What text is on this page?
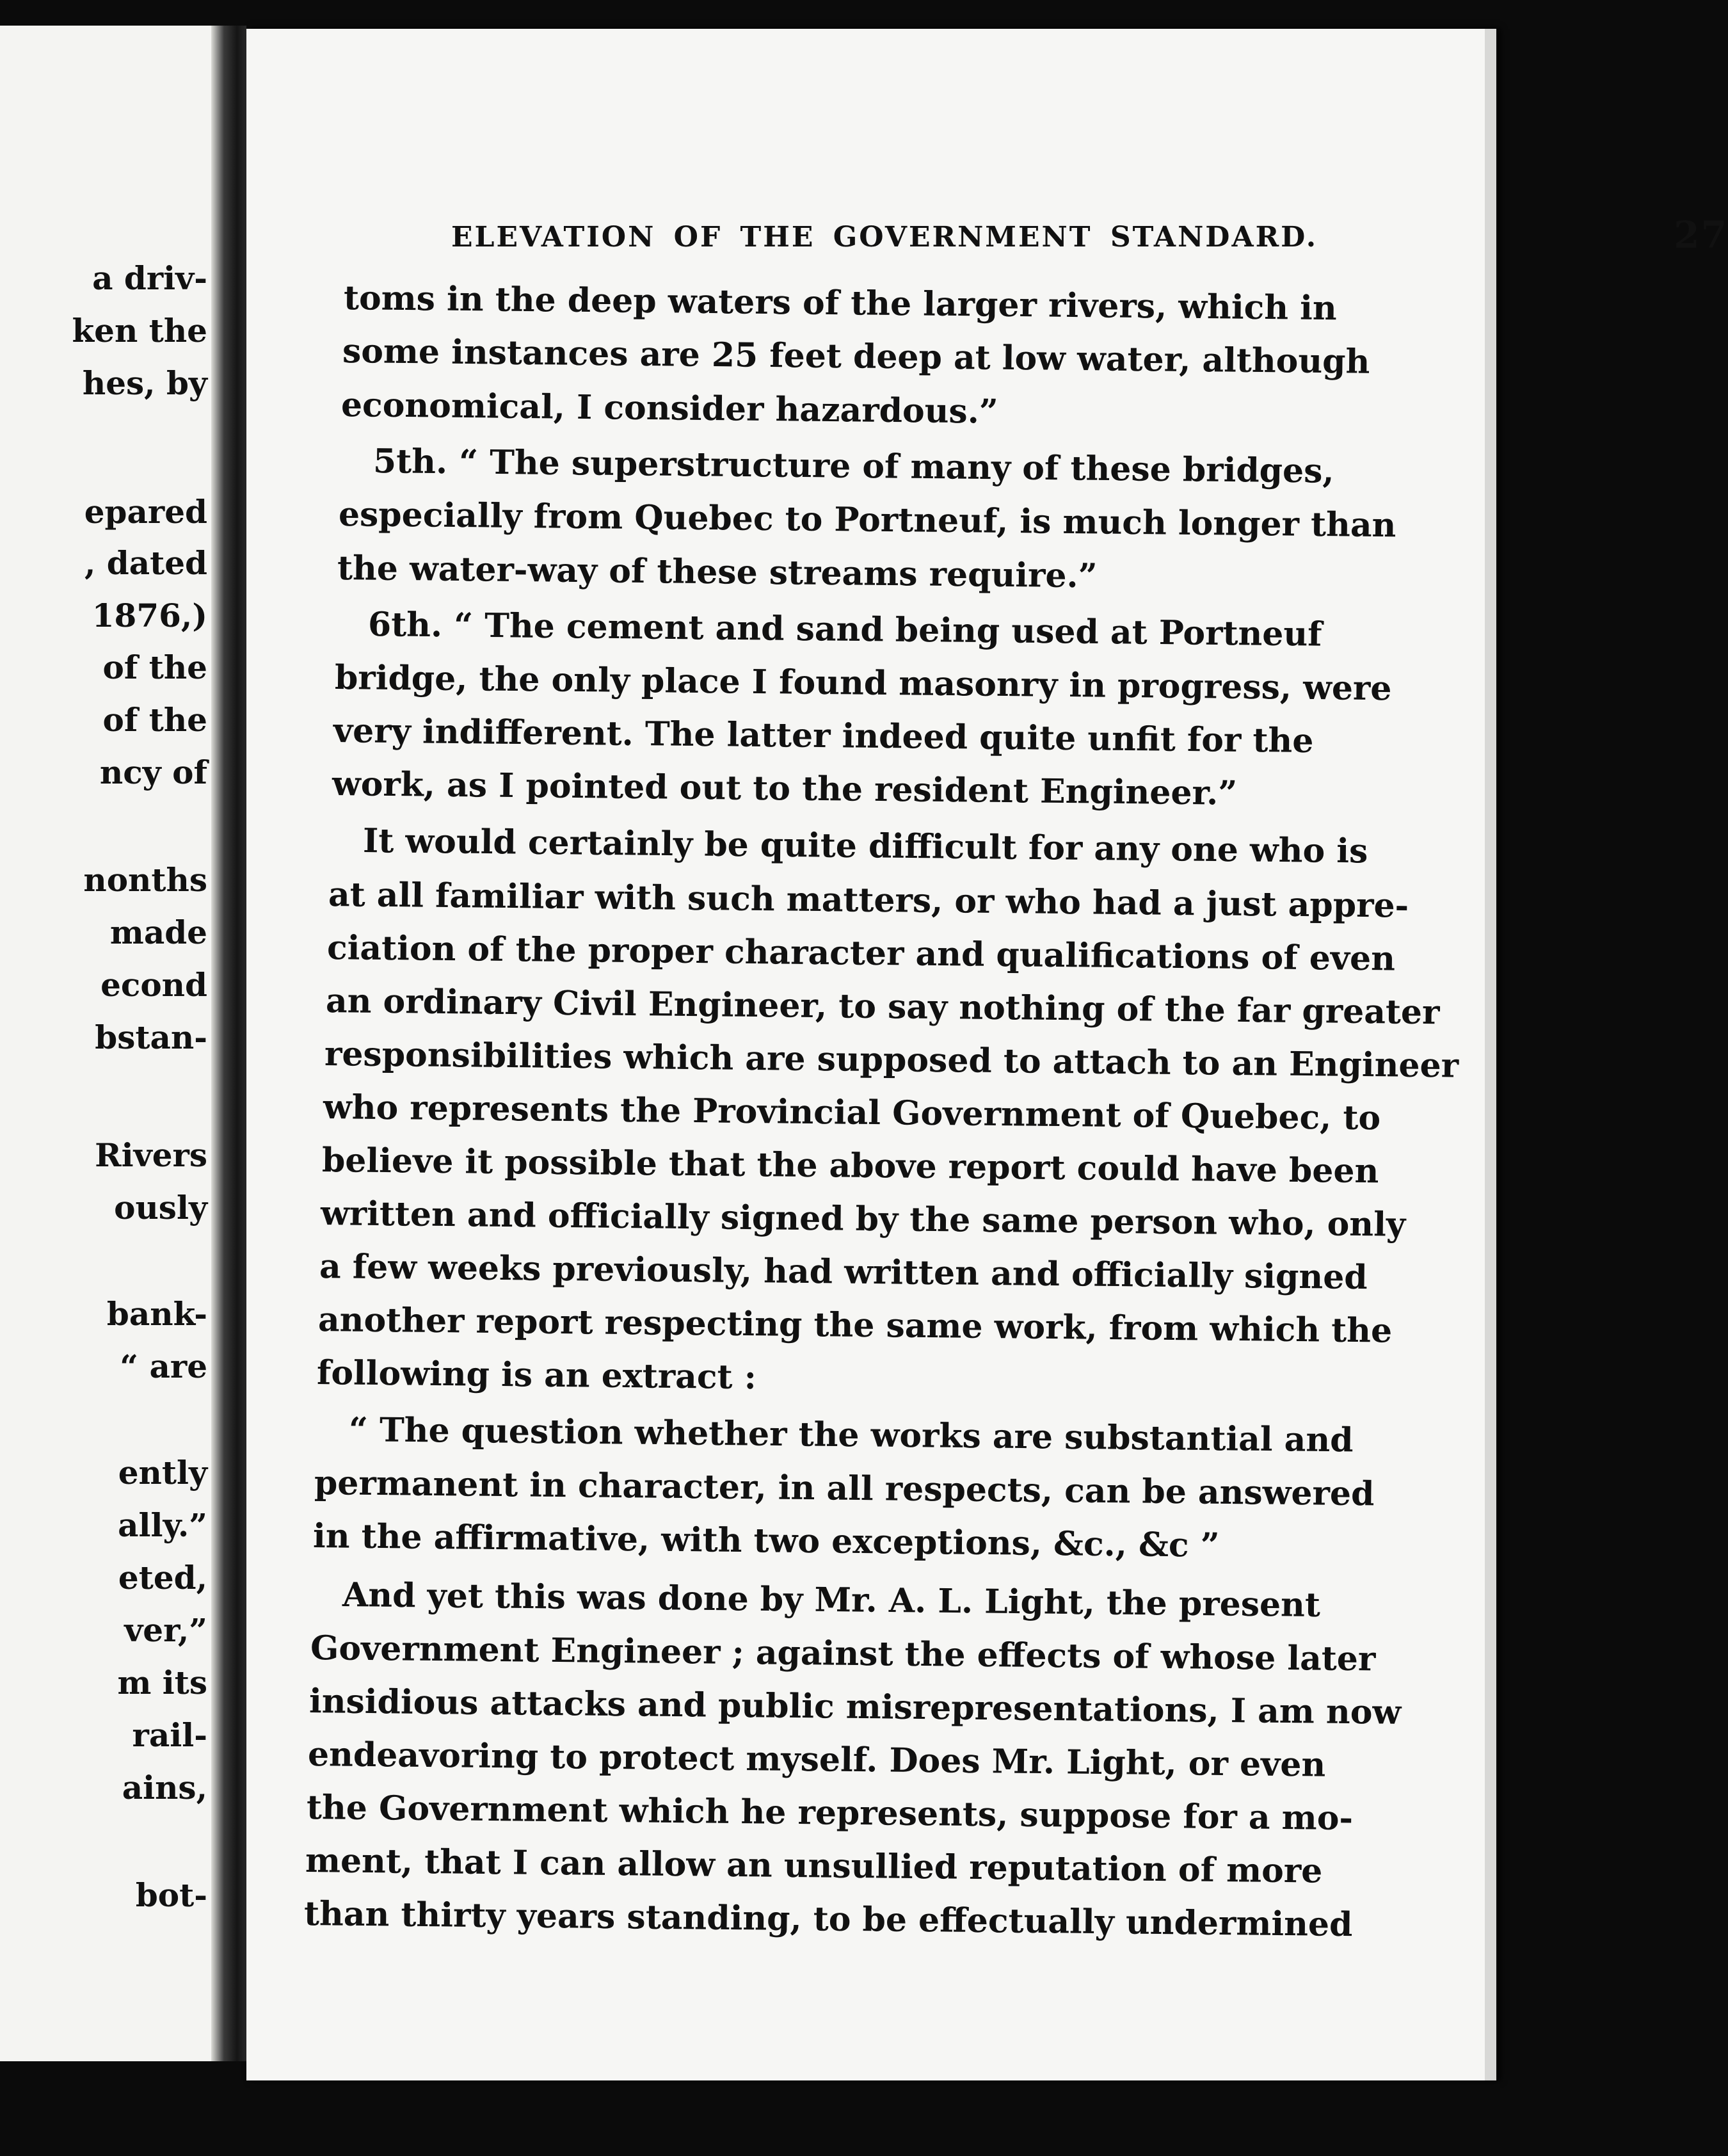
a driv-
ken the
hes, by
epared
, dated
1876,)
of the
of the
ncy of
nonths
made
econd
bstan-
Rivers
ously
bank-
“ are
ently
ally.”
eted,
ver,”
m its
rail-
ains,
bot-
ELEVATION OF THE GOVERNMENT STANDARD.	27
toms in the deep waters of the larger rivers, which in
some instances are 25 feet deep at low water, although
economical, I consider hazardous.”
5th. “ The superstructure of many of these bridges,
especially from Quebec to Portneuf, is much longer than
the water-way of these streams require.”
6th. “ The cement and sand being used at Portneuf
bridge, the only place I found masonry in progress, were
very indifferent. The latter indeed quite unfit for the
work, as I pointed out to the resident Engineer.”
It would certainly be quite difficult for any one who is
at all familiar with such matters, or who had a just appre-
ciation of the proper character and qualifications of even
an ordinary Civil Engineer, to say nothing of the far greater
responsibilities which are supposed to attach to an Engineer
who represents the Provincial Government of Quebec, to
believe it possible that the above report could have been
written and officially signed by the same person who, only
a few weeks previously, had written and officially signed
another report respecting the same work, from which the
following is an extract :
“ The question whether the works are substantial and
permanent in character, in all respects, can be answered
in the affirmative, with two exceptions, &c., &c ”
And yet this was done by Mr. A. L. Light, the present
Government Engineer ; against the effects of whose later
insidious attacks and public misrepresentations, I am now
endeavoring to protect myself. Does Mr. Light, or even
the Government which he represents, suppose for a mo-
ment, that I can allow an unsullied reputation of more
than thirty years standing, to be effectually undermined
